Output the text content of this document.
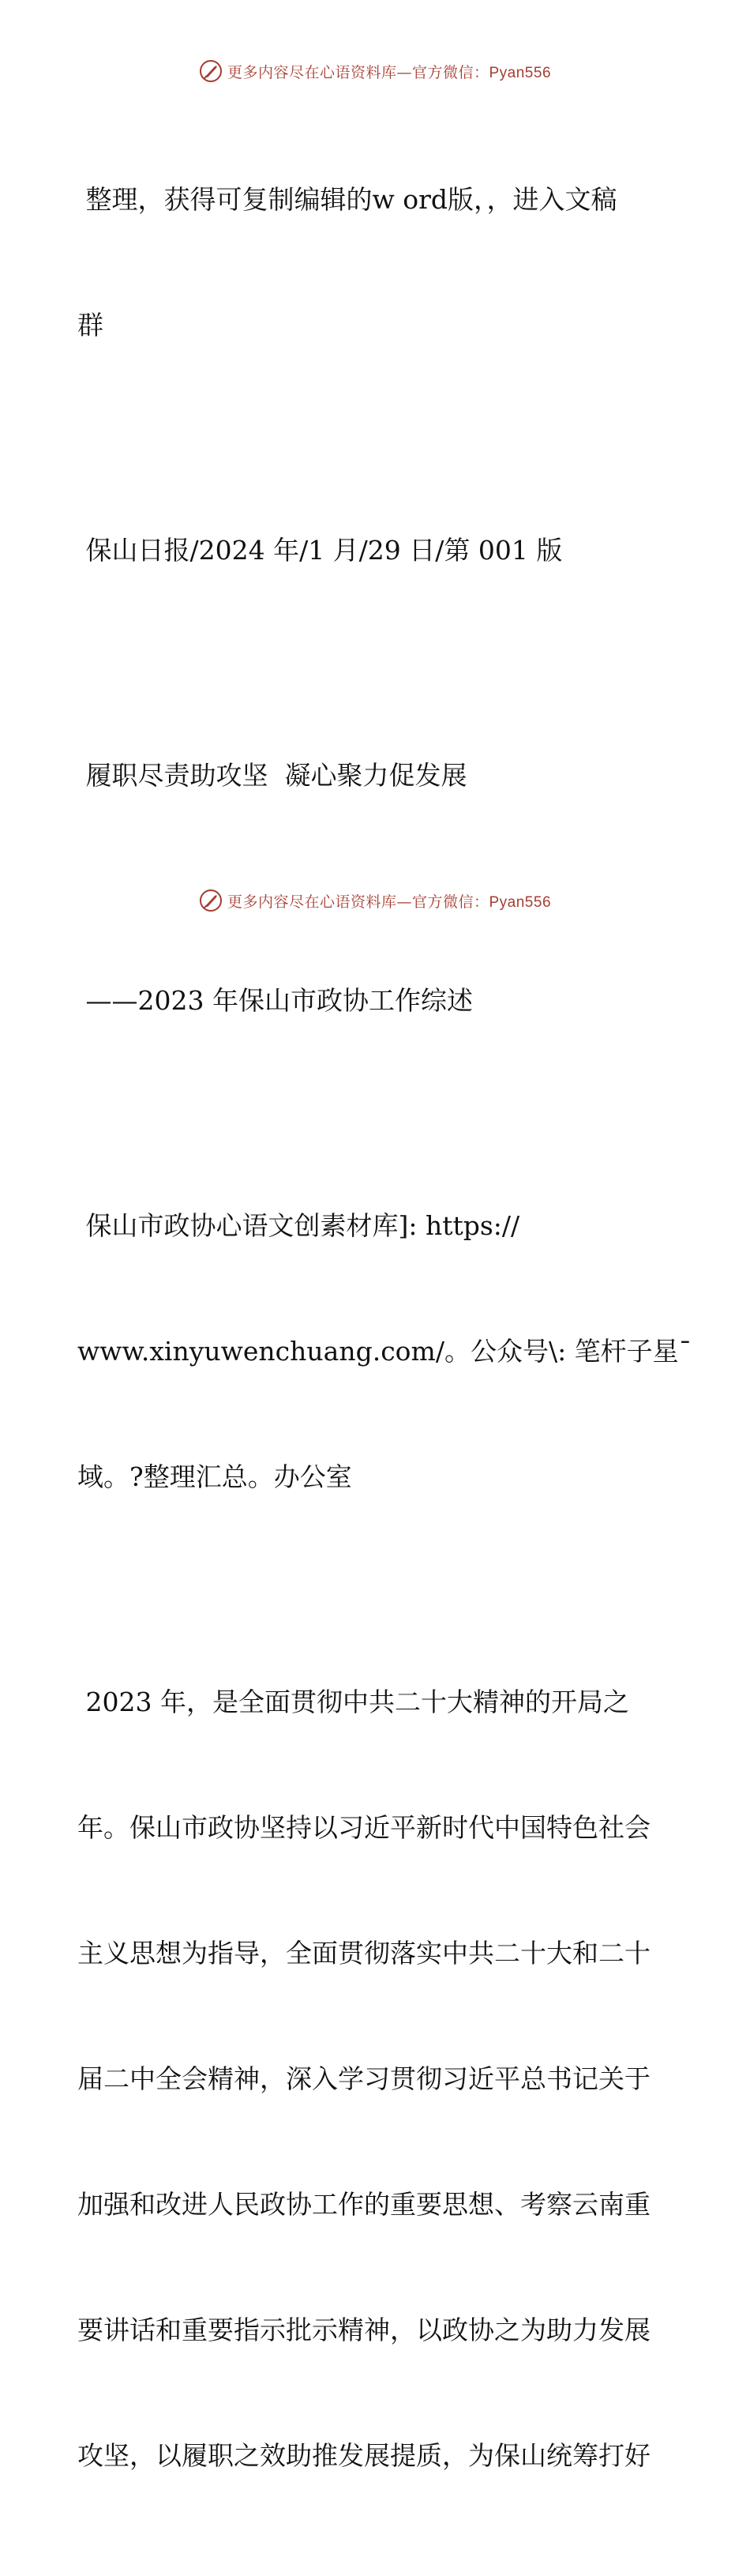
更多内容尽在心语资料库—官方微信：Pyan556

整理，获得可复制编辑的w ord版，，进入文稿

群

保山日报/2024 年/1 月/29 日/第 001 版

履职尽责助攻坚  凝心聚力促发展

——2023 年保山市政协工作综述

保山市政协心语文创素材库]: https://

www.xinyuwenchuang.com/。公众号\: 笔杆子星¯

域。?整理汇总。办公室

2023 年，是全面贯彻中共二十大精神的开局之

年。保山市政协坚持以习近平新时代中国特色社会

主义思想为指导，全面贯彻落实中共二十大和二十

届二中全会精神，深入学习贯彻习近平总书记关于

加强和改进人民政协工作的重要思想、考察云南重

要讲话和重要指示批示精神，以政协之为助力发展

攻坚，以履职之效助推发展提质，为保山统筹打好

更多内容尽在心语资料库—官方微信：Pyan556
